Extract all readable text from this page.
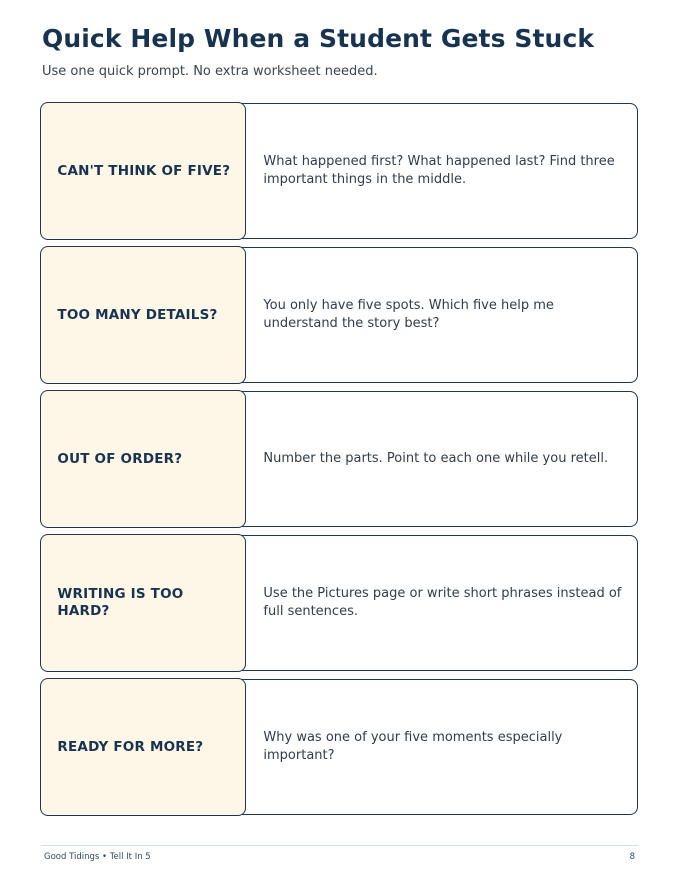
Quick Help When a Student Gets Stuck

Use one quick prompt. No extra worksheet needed.

CAN'T THINK OF FIVE?
What happened first? What happened last? Find three important things in the middle.
TOO MANY DETAILS?
You only have five spots. Which five help me understand the story best?
OUT OF ORDER?	Number the parts. Point to each one while you retell.
WRITING IS TOO HARD?
Use the Pictures page or write short phrases instead of full sentences.
READY FOR MORE?
Why was one of your five moments especially important?
Good Tidings • Tell It In 5	8
